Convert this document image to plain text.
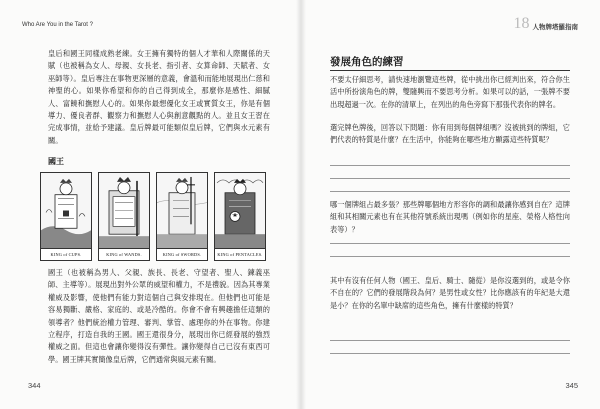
Who Are You in the Tarot ?
皇后和國王同樣成熟老練。女王擁有獨特的個人才華和人際關係的天賦（也被稱為女人、母親、女長老、指引者、女算命師、天賦者、女巫師等）。皇后專注在事物更深層的意義，會溫和而能地展現出仁慈和神聖的心。如果你希望和你的自己得到成全，那麼你是感性、細膩人、富饒和撫慰人心的。如果你最想優化女王或實質女王，你是有個導力、優良者群、觀察力和撫慰人心與創意觀點的人。並且女王習在完成事情，並給予建議。皇后牌最可能類似皇后牌，它們與水元素有關。
國王
KING of CUPS.	KING of WANDS.	KING of SWORDS.	KING of PENTACLES.
國王（也被稱為男人、父親、族長、長老、守望者、聖人、鍊義巫師、主導等）。展現出對外公眾的威望和權力，不是禮貌。因為其專業權威及影響，使他們有能力對這個自己與安排現在。但他們也可能是容易獨斷、嚴格、家庭的、或是冷酷的。你會不會有興趣擔任這類的領導者？他們統治權力管理、審判、掌管、處理你的外在事物。你建立程序，打造自我的王國。國王還很身分，展現出你已經發展的強烈權威之面。但這也會讓你變得沒有彈性。讓你變得自己已沒有東西可學。國王牌其實簡像皇后牌，它們通常與風元素有關。
344
18 人物牌塔羅指南
發展角色的練習
不要太仔細思考，請快速地瀏覽這些牌，從中挑出你已經判出來，符合你生活中所扮演角色的牌，雙隨興而不要思考分析。如果可以的話，一張牌不要出現超過一次。在你的清單上，在列出的角色旁寫下那張代表你的牌名。
選完牌色牌後，回答以下問題：你有用到每個牌組嗎？沒被挑到的牌組，它們代表的特質是什麼？在生活中，你能夠在哪些地方顯露這些特質呢？
哪一個牌組占最多張？那些牌哪個地方形容你的調和最讓你感到自在？這牌組和其相關元素也有在其他符號系統出現嗎（例如你的星座、榮格人格性向表等）？
其中有沒有任何人物（國王、皇后、騎士、隨從）是你沒選到的，或是令你不自在的？它們的發展階段為何？是男性或女性？比你應該有的年紀是大還是小？在你的名單中缺席的這些角色，擁有什麼樣的特質？
345
